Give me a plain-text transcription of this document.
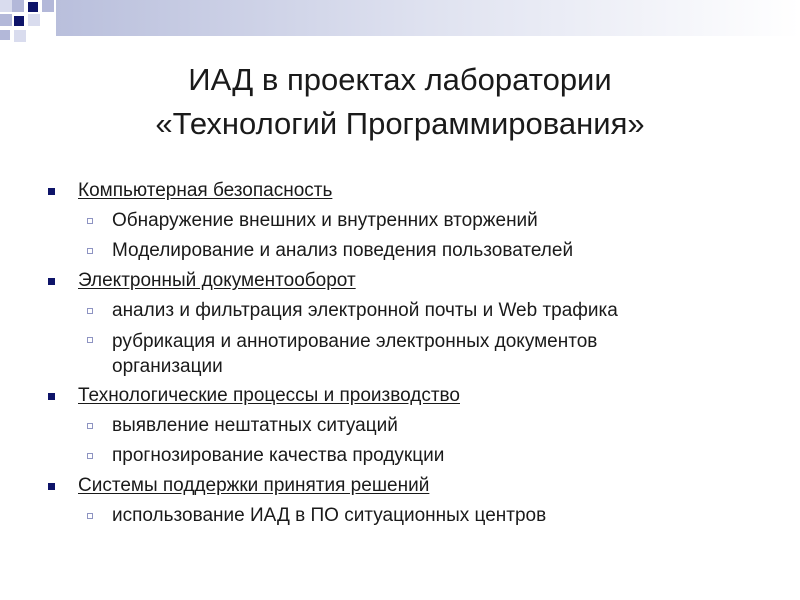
ИАД в проектах лаборатории
«Технологий Программирования»
Компьютерная безопасность
Обнаружение внешних и внутренних вторжений
Моделирование и анализ поведения пользователей
Электронный документооборот
анализ и фильтрация электронной почты и Web трафика
рубрикация и аннотирование электронных документов
организации
Технологические процессы и производство
выявление нештатных ситуаций
прогнозирование качества продукции
Системы поддержки принятия решений
использование ИАД в ПО ситуационных центров
